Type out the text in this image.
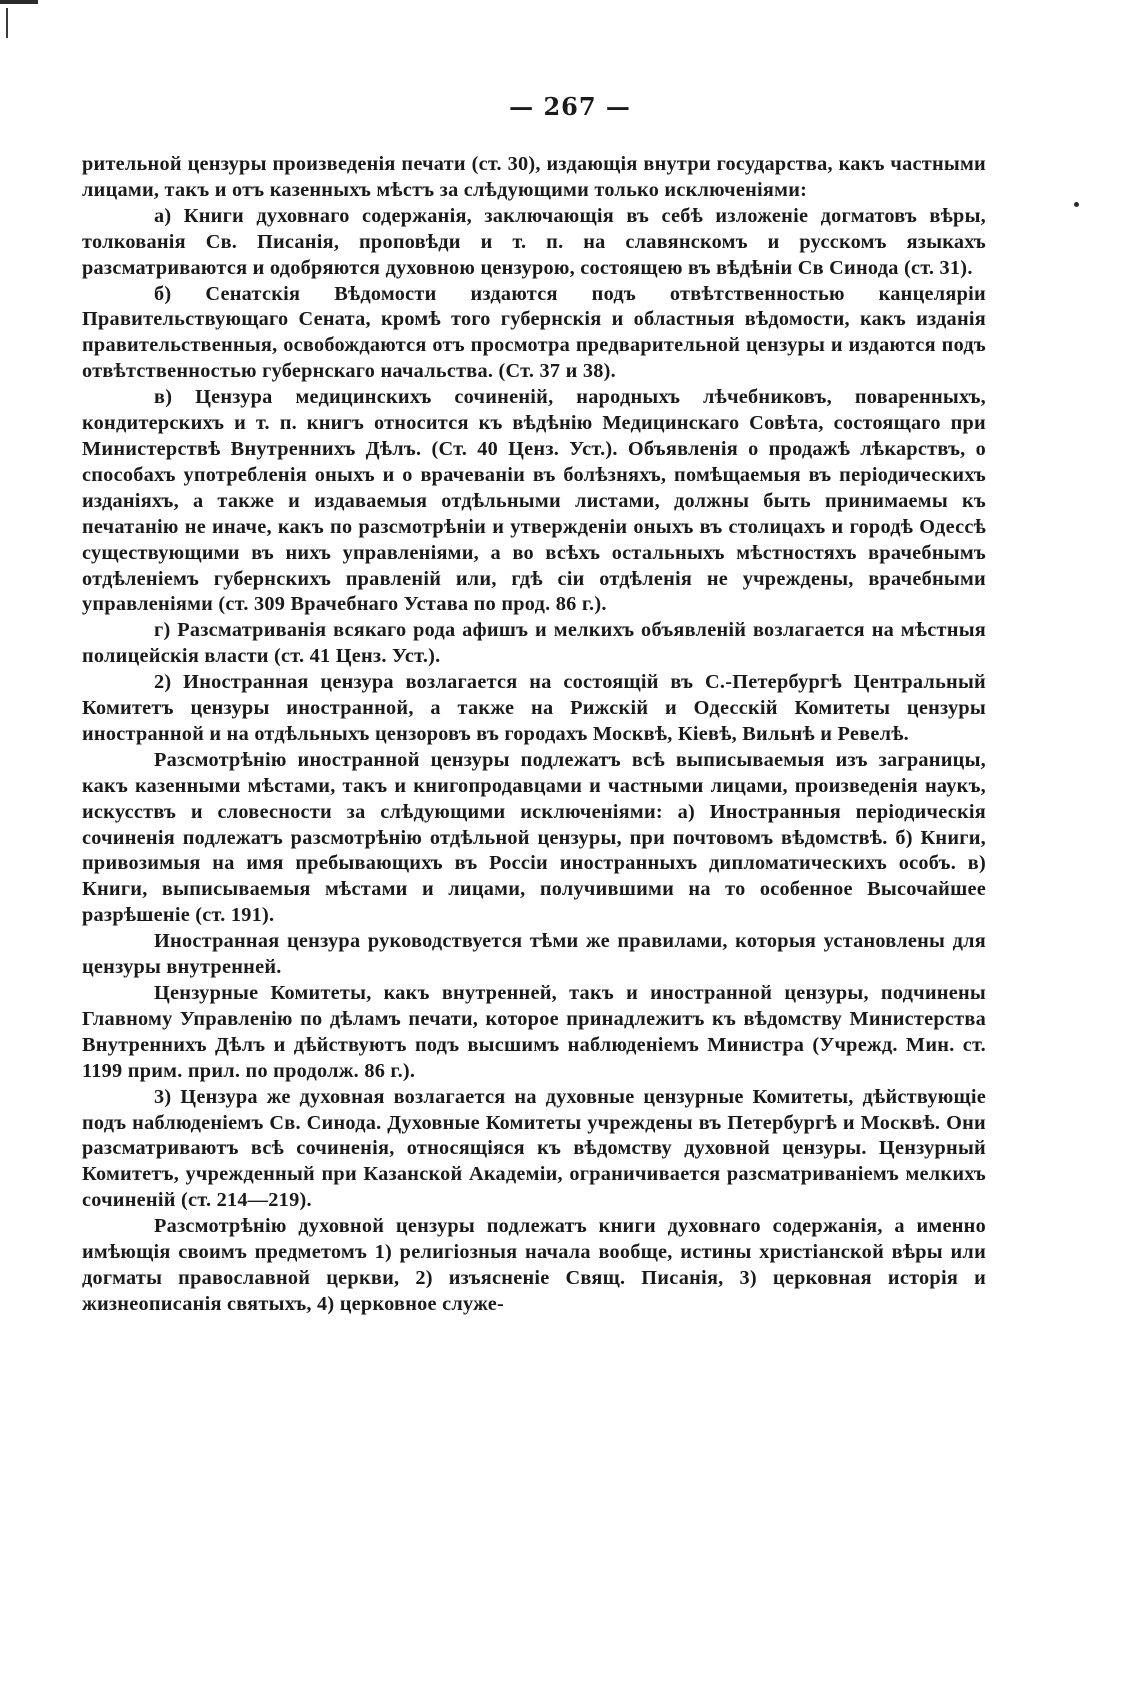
— 267 —

рительной цензуры произведенія печати (ст. 30), издающія внутри государства, какъ частными лицами, такъ и отъ казенныхъ мѣстъ за слѣдующими только исключеніями:

а) Книги духовнаго содержанія, заключающія въ себѣ изложеніе догматовъ вѣры, толкованія Св. Писанія, проповѣди и т. п. на славянскомъ и русскомъ языкахъ разсматриваются и одобряются духовною цензурою, состоящею въ вѣдѣніи Св Синода (ст. 31).

б) Сенатскія Вѣдомости издаются подъ отвѣтственностью канцеляріи Правительствующаго Сената, кромѣ того губернскія и областныя вѣдомости, какъ изданія правительственныя, освобождаются отъ просмотра предварительной цензуры и издаются подъ отвѣтственностью губернскаго начальства. (Ст. 37 и 38).

в) Цензура медицинскихъ сочиненій, народныхъ лѣчебниковъ, поваренныхъ, кондитерскихъ и т. п. книгъ относится къ вѣдѣнію Медицинскаго Совѣта, состоящаго при Министерствѣ Внутреннихъ Дѣлъ. (Ст. 40 Ценз. Уст.). Объявленія о продажѣ лѣкарствъ, о способахъ употребленія оныхъ и о врачеваніи въ болѣзняхъ, помѣщаемыя въ періодическихъ изданіяхъ, а также и издаваемыя отдѣльными листами, должны быть принимаемы къ печатанію не иначе, какъ по разсмотрѣніи и утвержденіи оныхъ въ столицахъ и городѣ Одессѣ существующими въ нихъ управленіями, а во всѣхъ остальныхъ мѣстностяхъ врачебнымъ отдѣленіемъ губернскихъ правленій или, гдѣ сіи отдѣленія не учреждены, врачебными управленіями (ст. 309 Врачебнаго Устава по прод. 86 г.).

г) Разсматриванія всякаго рода афишъ и мелкихъ объявленій возлагается на мѣстныя полицейскія власти (ст. 41 Ценз. Уст.).

2) Иностранная цензура возлагается на состоящій въ С.-Петербургѣ Центральный Комитетъ цензуры иностранной, а также на Рижскій и Одесскій Комитеты цензуры иностранной и на отдѣльныхъ цензоровъ въ городахъ Москвѣ, Кіевѣ, Вильнѣ и Ревелѣ.

Разсмотрѣнію иностранной цензуры подлежатъ всѣ выписываемыя изъ заграницы, какъ казенными мѣстами, такъ и книгопродавцами и частными лицами, произведенія наукъ, искусствъ и словесности за слѣдующими исключеніями: а) Иностранныя періодическія сочиненія подлежатъ разсмотрѣнію отдѣльной цензуры, при почтовомъ вѣдомствѣ. б) Книги, привозимыя на имя пребывающихъ въ Россіи иностранныхъ дипломатическихъ особъ. в) Книги, выписываемыя мѣстами и лицами, получившими на то особенное Высочайшее разрѣшеніе (ст. 191).

Иностранная цензура руководствуется тѣми же правилами, которыя установлены для цензуры внутренней.

Цензурные Комитеты, какъ внутренней, такъ и иностранной цензуры, подчинены Главному Управленію по дѣламъ печати, которое принадлежитъ къ вѣдомству Министерства Внутреннихъ Дѣлъ и дѣйствуютъ подъ высшимъ наблюденіемъ Министра (Учрежд. Мин. ст. 1199 прим. прил. по продолж. 86 г.).

3) Цензура же духовная возлагается на духовные цензурные Комитеты, дѣйствующіе подъ наблюденіемъ Св. Синода. Духовные Комитеты учреждены въ Петербургѣ и Москвѣ. Они разсматриваютъ всѣ сочиненія, относящіяся къ вѣдомству духовной цензуры. Цензурный Комитетъ, учрежденный при Казанской Академіи, ограничивается разсматриваніемъ мелкихъ сочиненій (ст. 214—219).

Разсмотрѣнію духовной цензуры подлежатъ книги духовнаго содержанія, а именно имѣющія своимъ предметомъ 1) религіозныя начала вообще, истины христіанской вѣры или догматы православной церкви, 2) изъясненіе Свящ. Писанія, 3) церковная исторія и жизнеописанія святыхъ, 4) церковное служе-
